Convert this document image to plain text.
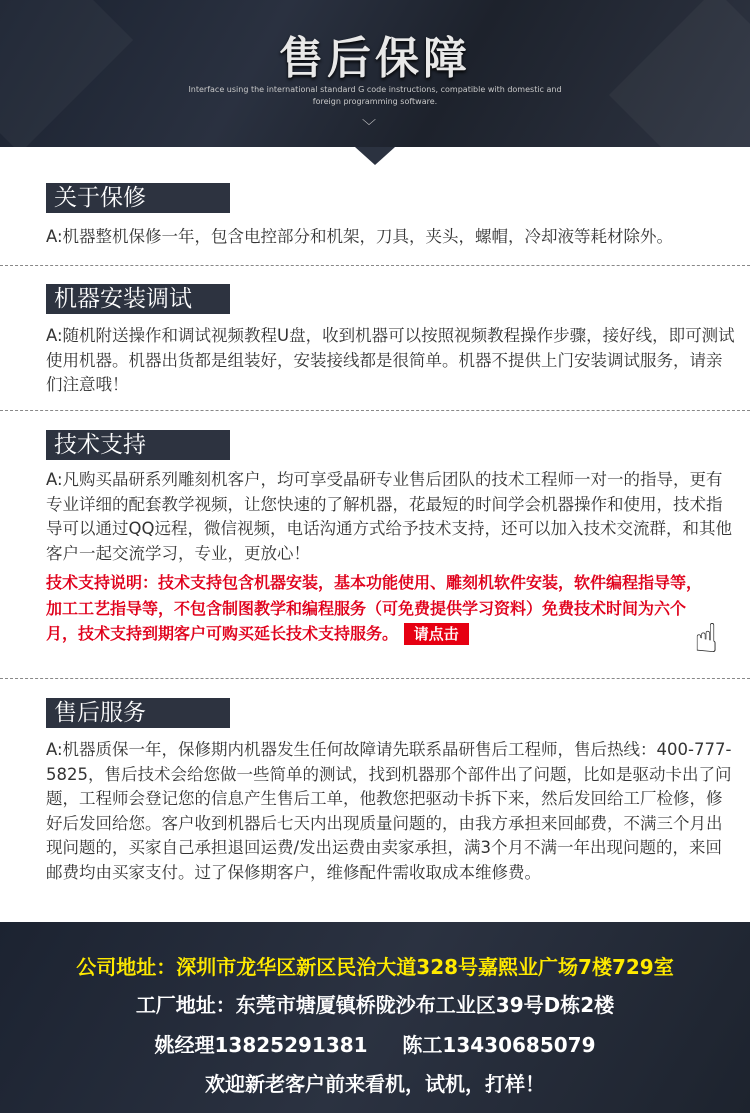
售后保障
Interface using the international standard G code instructions, compatible with domestic and
foreign programming software.
﹀
关于保修
A:机器整机保修一年，包含电控部分和机架，刀具，夹头，螺帽，冷却液等耗材除外。
机器安装调试
A:随机附送操作和调试视频教程U盘，收到机器可以按照视频教程操作步骤，接好线，即可测试使用机器。机器出货都是组装好，安装接线都是很简单。机器不提供上门安装调试服务，请亲们注意哦！
技术支持
A:凡购买晶研系列雕刻机客户，均可享受晶研专业售后团队的技术工程师一对一的指导，更有专业详细的配套教学视频，让您快速的了解机器，花最短的时间学会机器操作和使用，技术指导可以通过QQ远程，微信视频，电话沟通方式给予技术支持，还可以加入技术交流群，和其他客户一起交流学习，专业，更放心！
技术支持说明：技术支持包含机器安装，基本功能使用、雕刻机软件安装，软件编程指导等，加工工艺指导等，不包含制图教学和编程服务（可免费提供学习资料）免费技术时间为六个月，技术支持到期客户可购买延长技术支持服务。 请点击	☝
售后服务
A:机器质保一年，保修期内机器发生任何故障请先联系晶研售后工程师，售后热线：400-777-5825，售后技术会给您做一些简单的测试，找到机器那个部件出了问题，比如是驱动卡出了问题，工程师会登记您的信息产生售后工单，他教您把驱动卡拆下来，然后发回给工厂检修，修好后发回给您。客户收到机器后七天内出现质量问题的，由我方承担来回邮费，不满三个月出现问题的，买家自己承担退回运费/发出运费由卖家承担，满3个月不满一年出现问题的，来回邮费均由买家支付。过了保修期客户，维修配件需收取成本维修费。
公司地址：深圳市龙华区新区民治大道328号嘉熙业广场7楼729室
工厂地址：东莞市塘厦镇桥陇沙布工业区39号D栋2楼
姚经理13825291381     陈工13430685079
欢迎新老客户前来看机，试机，打样！
